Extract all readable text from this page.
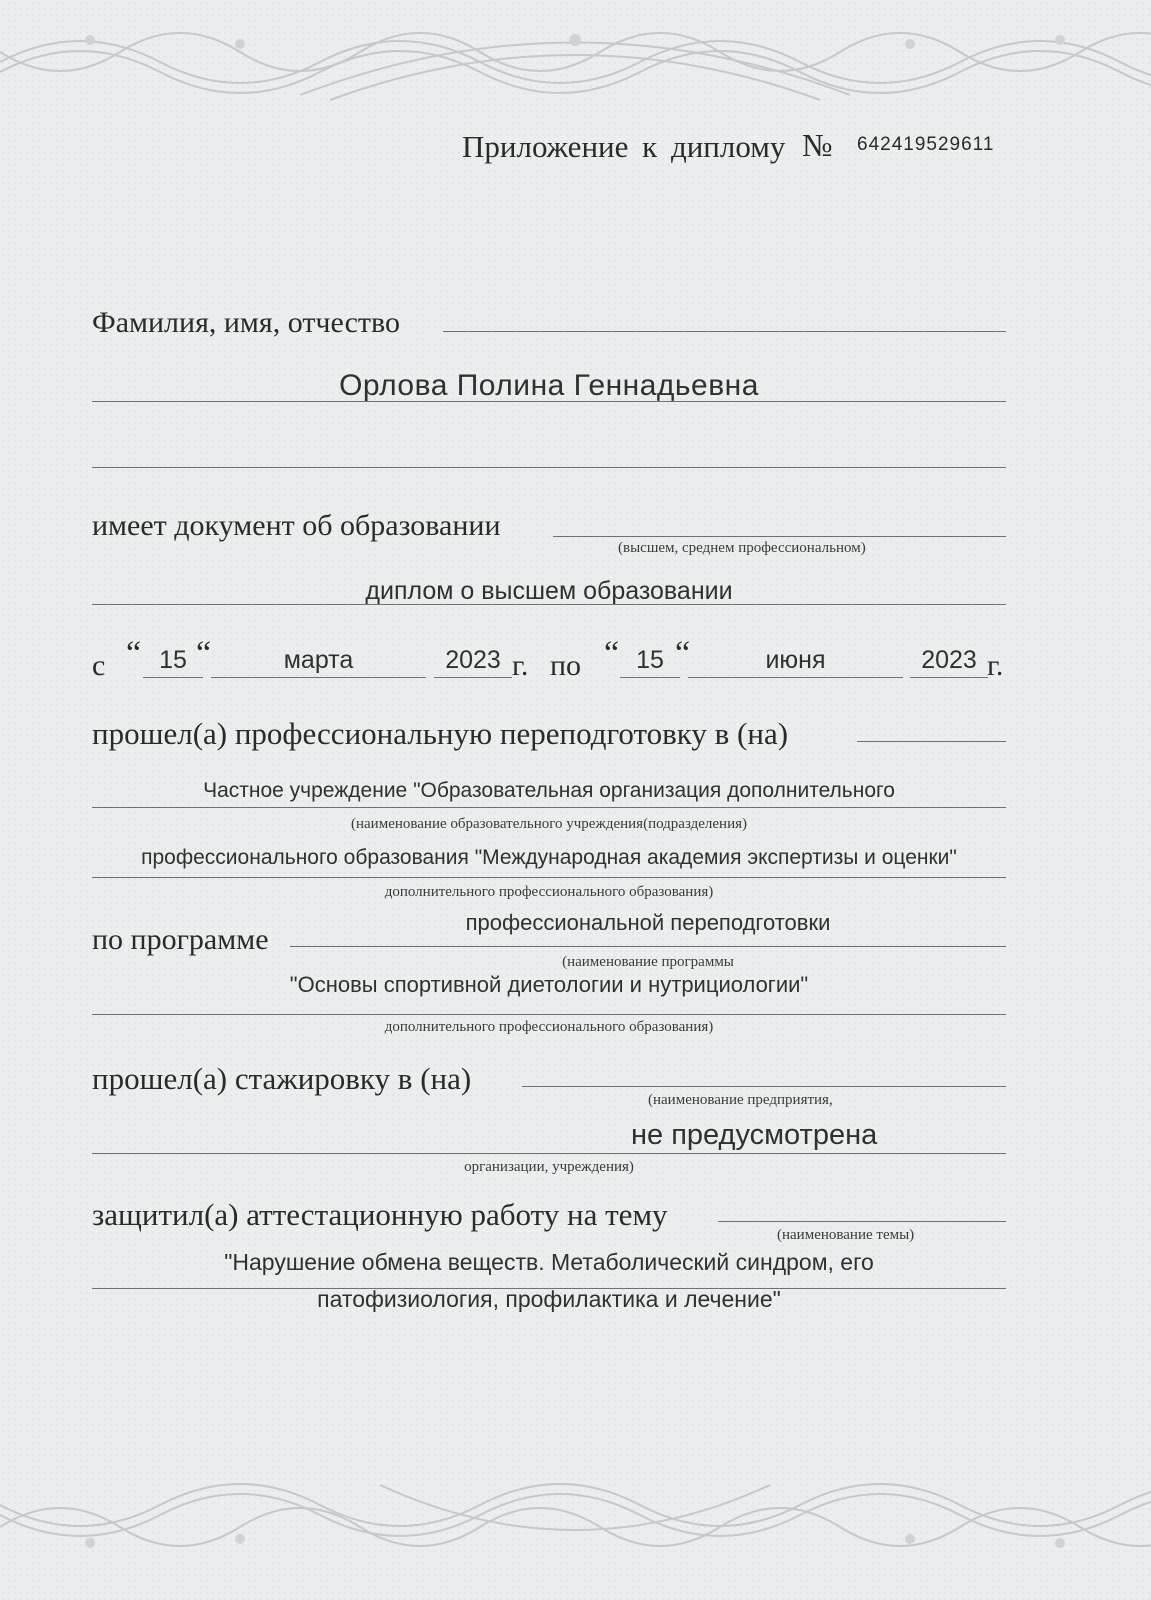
Приложение к диплому № 642419529611
Фамилия, имя, отчество
Орлова Полина Геннадьевна
имеет документ об образовании
(высшем, среднем профессиональном)
диплом о высшем образовании
с “ 15 “	марта	2023 г. по “ 15 “	июня	2023 г.
прошел(а) профессиональную переподготовку в (на)
Частное учреждение "Образовательная организация дополнительного
(наименование образовательного учреждения(подразделения)
профессионального образования "Международная академия экспертизы и оценки"
дополнительного профессионального образования)
по программе
профессиональной переподготовки
(наименование программы
"Основы спортивной диетологии и нутрициологии"
дополнительного профессионального образования)
прошел(а) стажировку в (на)
(наименование предприятия,
не предусмотрена
организации, учреждения)
защитил(а) аттестационную работу на тему
(наименование темы)
"Нарушение обмена веществ. Метаболический синдром, его
патофизиология, профилактика и лечение"
